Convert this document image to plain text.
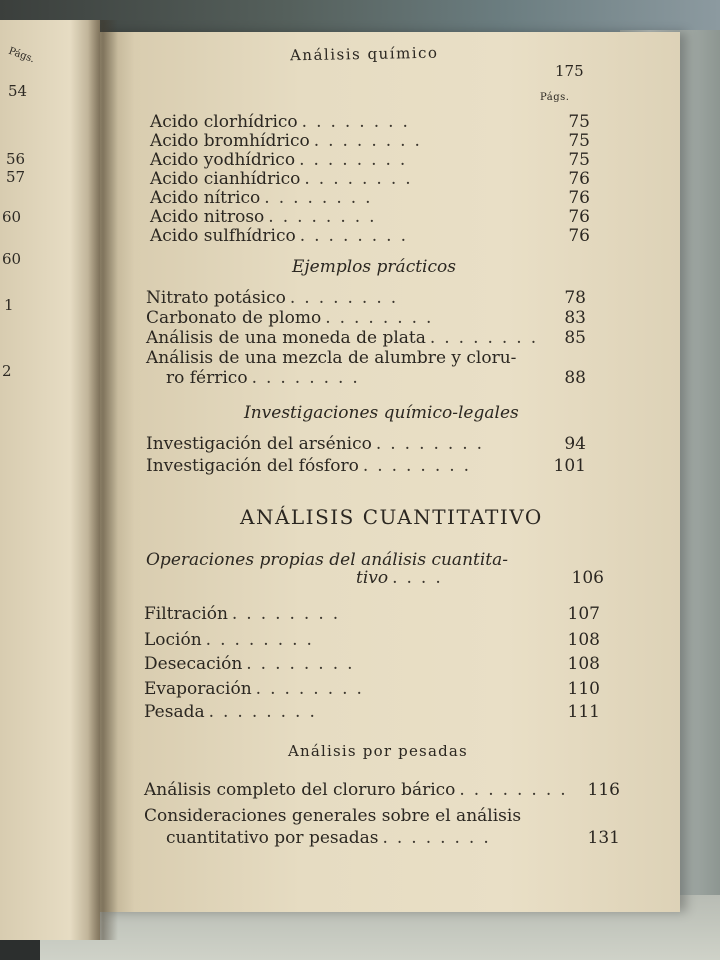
Págs.
54
56
57
60
60
1
2
Análisis químico
175
Págs.
Acido clorhídrico ........	75
Acido bromhídrico ........	75
Acido yodhídrico ........	75
Acido cianhídrico ........	76
Acido nítrico ........	76
Acido nitroso ........	76
Acido sulfhídrico ........	76
Ejemplos prácticos
Nitrato potásico ........	78
Carbonato de plomo ........	83
Análisis de una moneda de plata ........	85
Análisis de una mezcla de alumbre y cloru-
ro férrico ........	88
Investigaciones químico-legales
Investigación del arsénico ........	94
Investigación del fósforo ........	101
ANÁLISIS CUANTITATIVO
Operaciones propias del análisis cuantita-
tivo ....	106
Filtración ........	107
Loción ........	108
Desecación ........	108
Evaporación ........	110
Pesada ........	111
Análisis por pesadas
Análisis completo del cloruro bárico ........ 116
Consideraciones generales sobre el análisis
cuantitativo por pesadas ........	131
